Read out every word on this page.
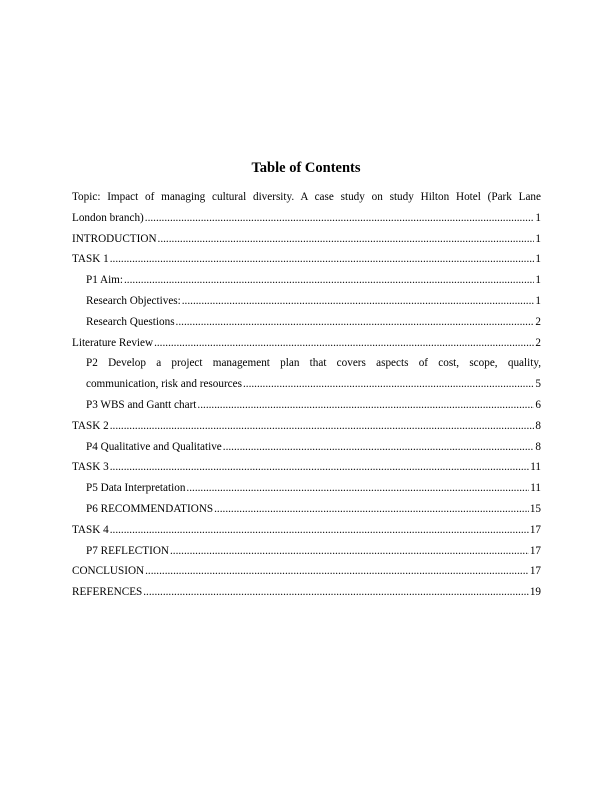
Table of Contents
Topic: Impact of managing cultural diversity. A case study on study Hilton Hotel (Park Lane
London branch) .....	1
INTRODUCTION .....	1
TASK 1 .....	1
P1 Aim: .....	1
Research Objectives: .....	1
Research Questions .....	2
Literature Review .....	2
P2 Develop a project management plan that covers aspects of cost, scope, quality,
communication, risk and resources .....	5
P3 WBS and Gantt chart .....	6
TASK 2 .....	8
P4 Qualitative and Qualitative .....	8
TASK 3 .....	11
P5 Data Interpretation .....	11
P6 RECOMMENDATIONS .....	15
TASK 4 .....	17
P7 REFLECTION .....	17
CONCLUSION .....	17
REFERENCES .....	19
